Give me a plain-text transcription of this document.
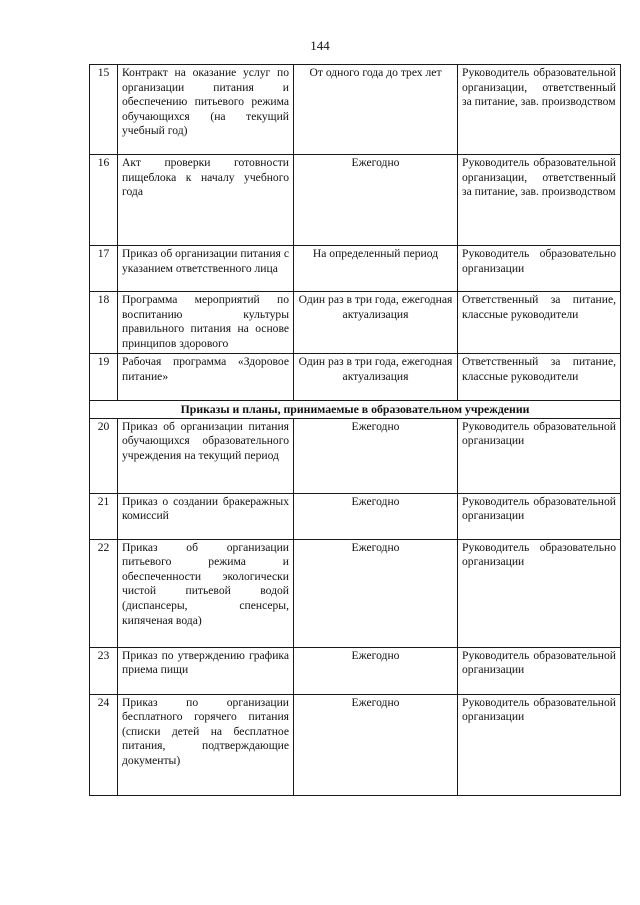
144
15	Контракт на оказание услуг по организации питания и обеспечению питьевого режима обучающихся (на текущий учебный год)	От одного года до трех лет	Руководитель образовательной организации, ответственный за питание, зав. производством
16	Акт проверки готовности пищеблока к началу учебного года	Ежегодно	Руководитель образовательной организации, ответственный за питание, зав. производством
17	Приказ об организации питания с указанием ответственного лица	На определенный период	Руководитель образовательно организации
18	Программа мероприятий по воспитанию культуры правильного питания на основе принципов здорового	Один раз в три года, ежегодная актуализация	Ответственный за питание, классные руководители
19	Рабочая программа «Здоровое питание»	Один раз в три года, ежегодная актуализация	Ответственный за питание, классные руководители
Приказы и планы, принимаемые в образовательном учреждении			
20	Приказ об организации питания обучающихся образовательного учреждения на текущий период	Ежегодно	Руководитель образовательной организации
21	Приказ о создании бракеражных комиссий	Ежегодно	Руководитель образовательной организации
22	Приказ об организации питьевого режима и обеспеченности экологически чистой питьевой водой (диспансеры, спенсеры, кипяченая вода)	Ежегодно	Руководитель образовательно организации
23	Приказ по утверждению графика приема пищи	Ежегодно	Руководитель образовательной организации
24	Приказ по организации бесплатного горячего питания (списки детей на бесплатное питания, подтверждающие документы)	Ежегодно	Руководитель образовательной организации
